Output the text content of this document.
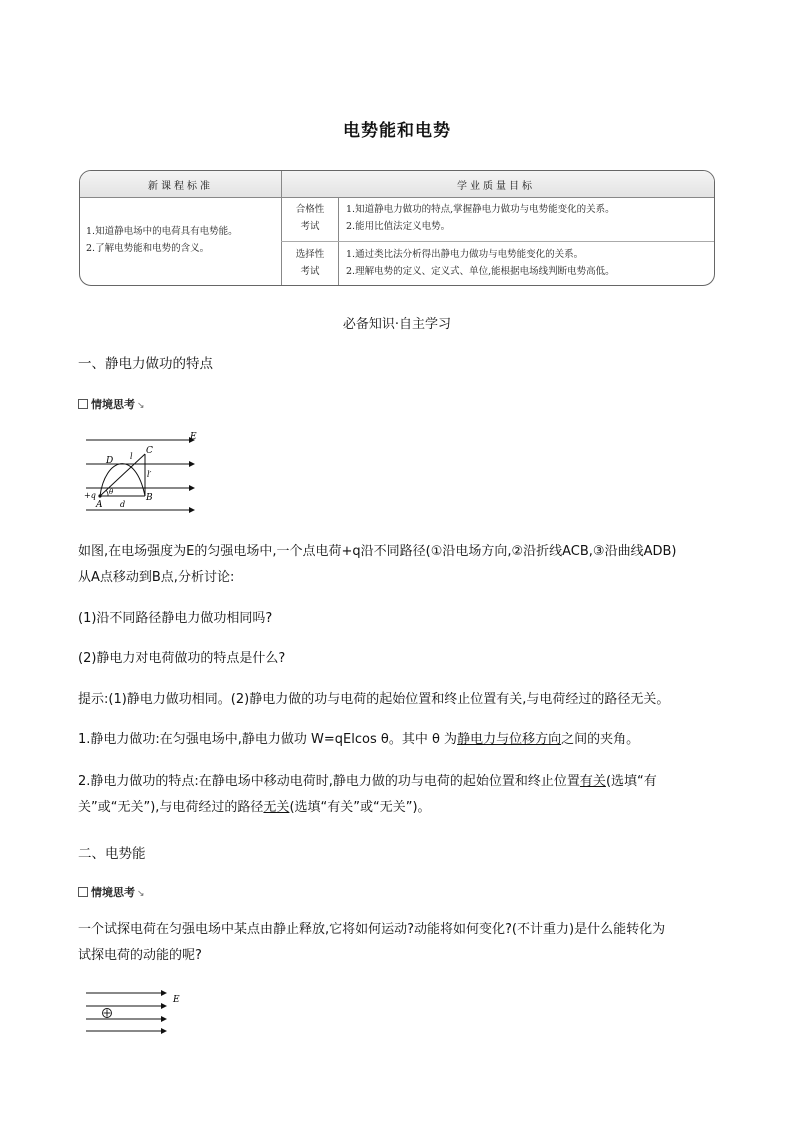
电势能和电势
新课程标准	学业质量目标
1.知道静电场中的电荷具有电势能。
2.了解电势能和电势的含义。
合格性
考试
1.知道静电力做功的特点,掌握静电力做功与电势能变化的关系。
2.能用比值法定义电势。
选择性
考试
1.通过类比法分析得出静电力做功与电势能变化的关系。
2.理解电势的定义、定义式、单位,能根据电场线判断电势高低。
必备知识·自主学习
一、静电力做功的特点
情境思考 ↘
E
C
D l
l′
+q θ
A d
B
如图,在电场强度为E的匀强电场中,一个点电荷+q沿不同路径(①沿电场方向,②沿折线ACB,③沿曲线ADB)
从A点移动到B点,分析讨论:
(1)沿不同路径静电力做功相同吗?
(2)静电力对电荷做功的特点是什么?
提示:(1)静电力做功相同。(2)静电力做的功与电荷的起始位置和终止位置有关,与电荷经过的路径无关。
1.静电力做功:在匀强电场中,静电力做功 W=qElcos θ。其中 θ 为静电力与位移方向之间的夹角。
2.静电力做功的特点:在静电场中移动电荷时,静电力做的功与电荷的起始位置和终止位置有关(选填“有
关”或“无关”),与电荷经过的路径无关(选填“有关”或“无关”)。
二、电势能
情境思考 ↘
一个试探电荷在匀强电场中某点由静止释放,它将如何运动?动能将如何变化?(不计重力)是什么能转化为
试探电荷的动能的呢?
E
